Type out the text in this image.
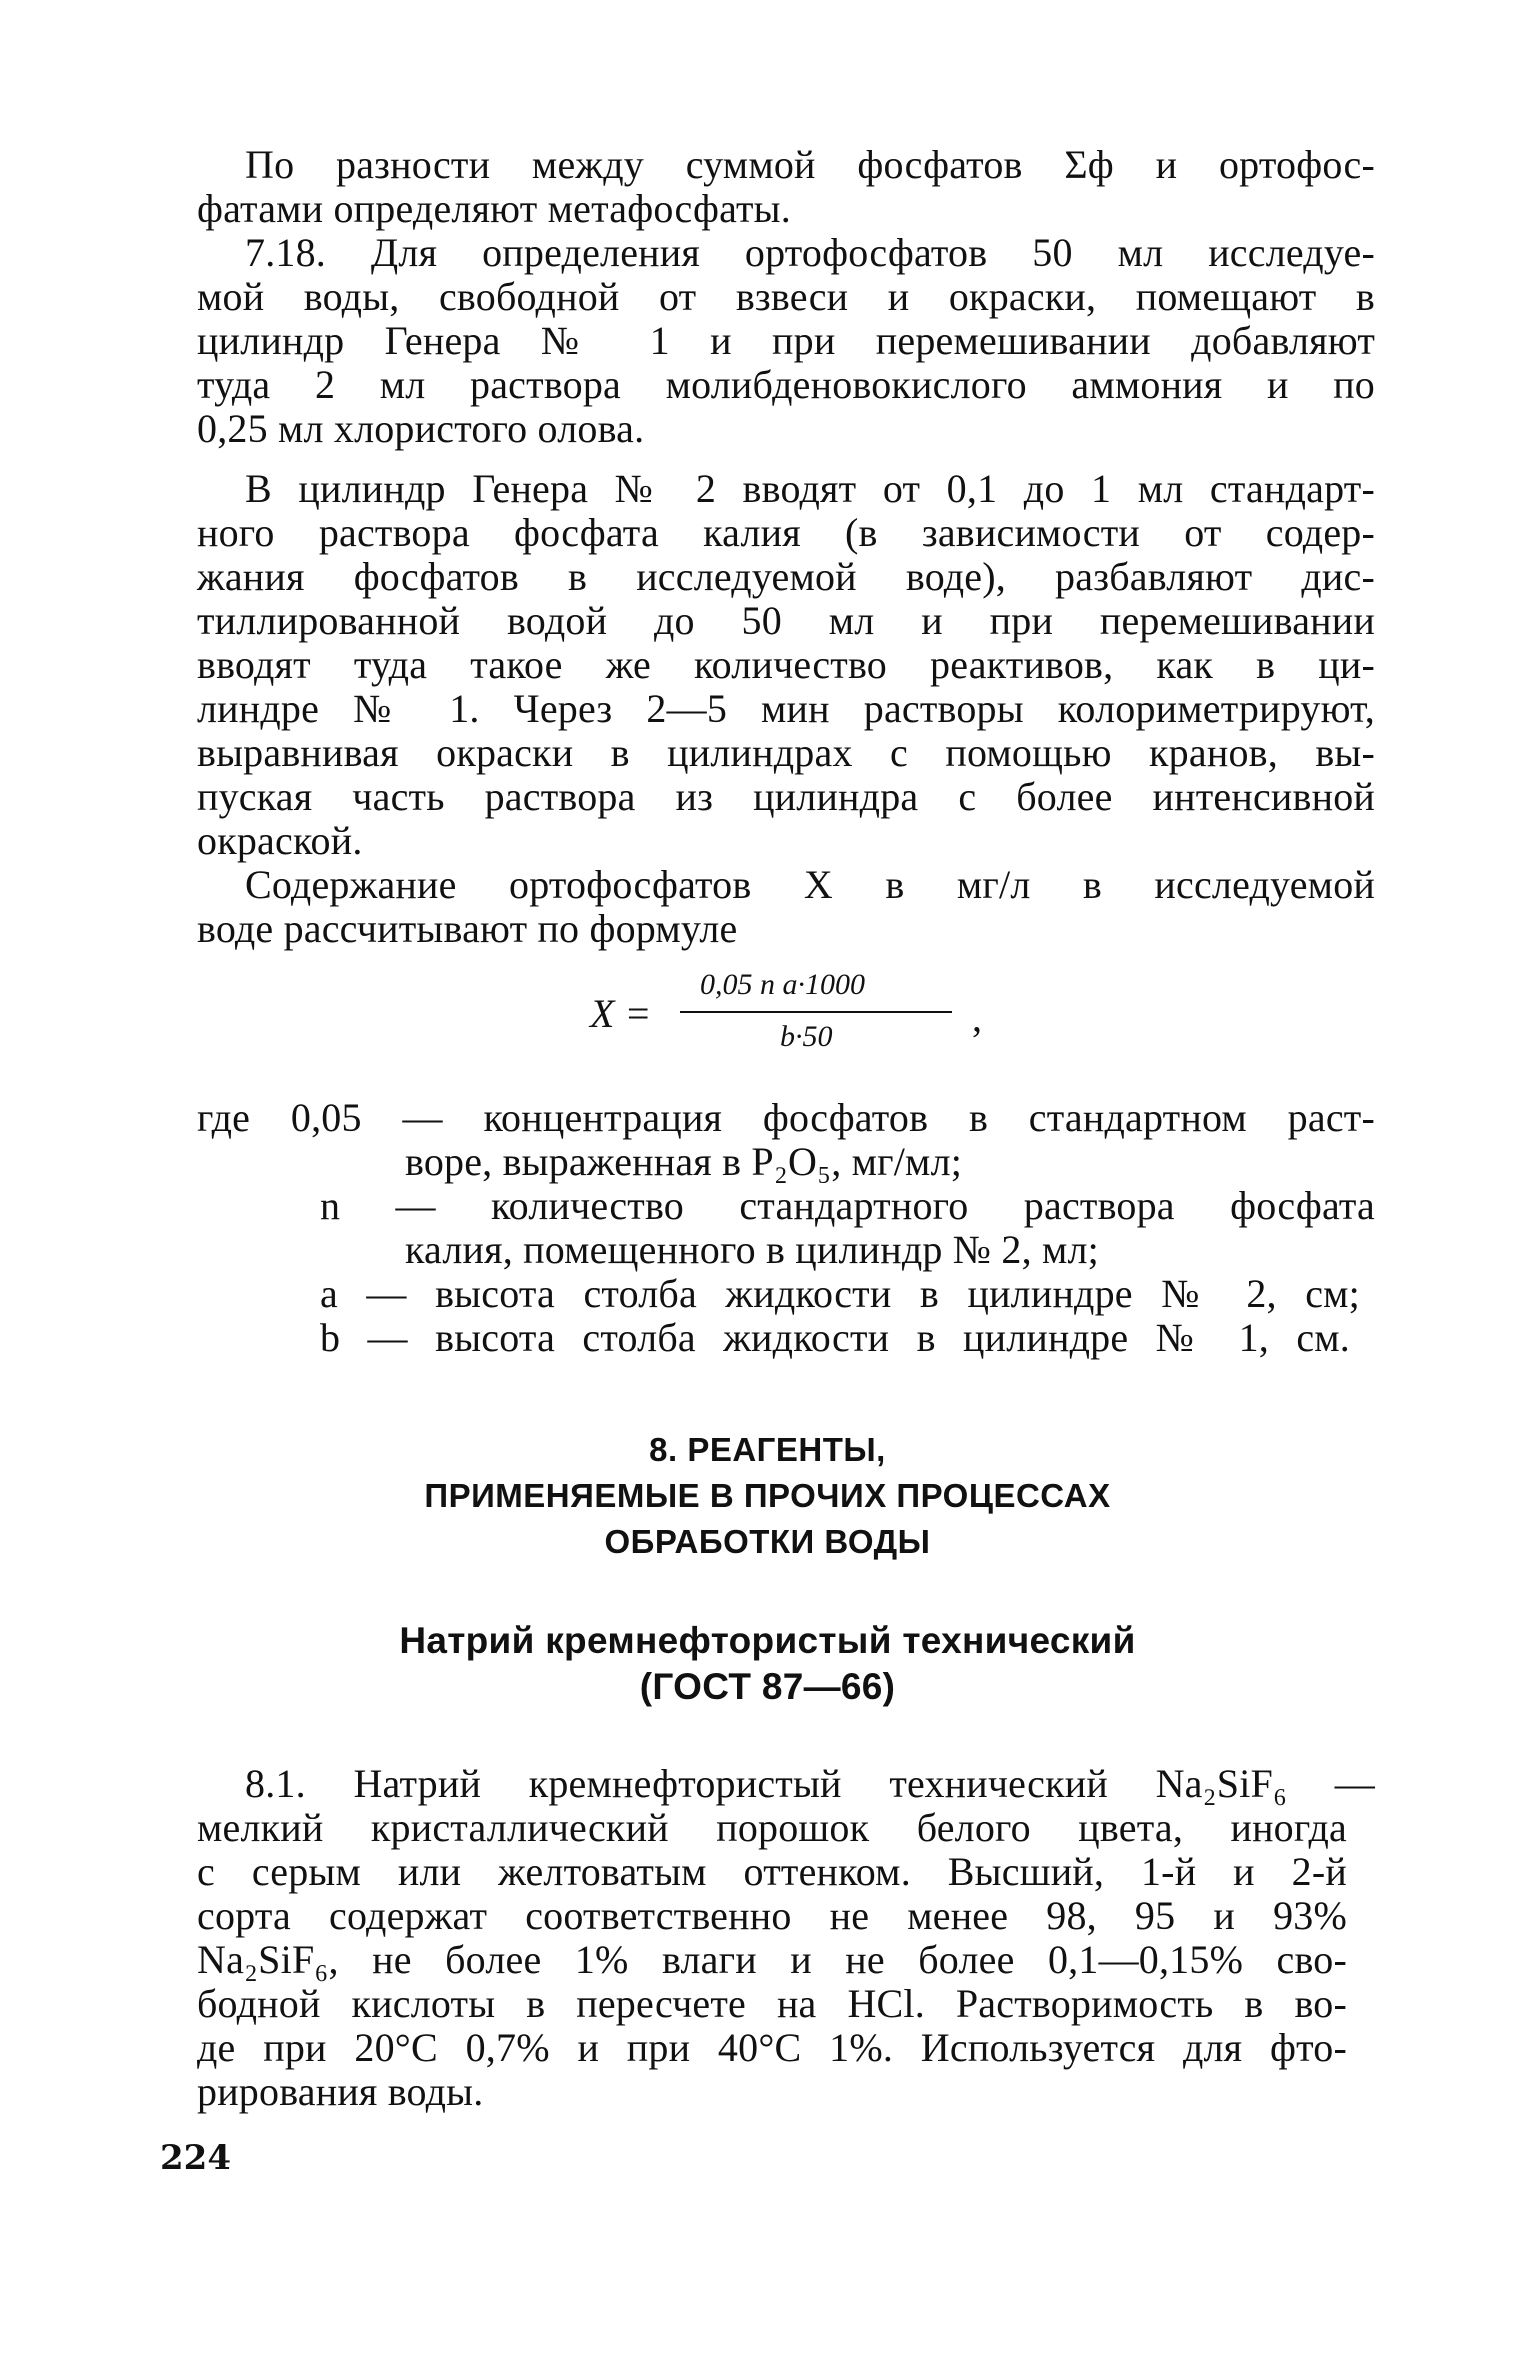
По разности между суммой фосфатов Σф и ортофос-
фатами определяют метафосфаты.
7.18. Для определения ортофосфатов 50 мл исследуе-
мой воды, свободной от взвеси и окраски, помещают в
цилиндр Генера № 1 и при перемешивании добавляют
туда 2 мл раствора молибденовокислого аммония и по
0,25 мл хлористого олова.
В цилиндр Генера № 2 вводят от 0,1 до 1 мл стандарт-
ного раствора фосфата калия (в зависимости от содер-
жания фосфатов в исследуемой воде), разбавляют дис-
тиллированной водой до 50 мл и при перемешивании
вводят туда такое же количество реактивов, как в ци-
линдре № 1. Через 2—5 мин растворы колориметрируют,
выравнивая окраски в цилиндрах с помощью кранов, вы-
пуская часть раствора из цилиндра с более интенсивной
окраской.
Содержание ортофосфатов X в мг/л в исследуемой
воде рассчитывают по формуле
X =
0,05 n a·1000
b·50	,
где 0,05 — концентрация фосфатов в стандартном раст-
воре, выраженная в P₂O₅, мг/мл;
n — количество стандартного раствора фосфата
калия, помещенного в цилиндр № 2, мл;
a — высота столба жидкости в цилиндре № 2, см;
b — высота столба жидкости в цилиндре № 1, см.
8. РЕАГЕНТЫ,
ПРИМЕНЯЕМЫЕ В ПРОЧИХ ПРОЦЕССАХ
ОБРАБОТКИ ВОДЫ
Натрий кремнефтористый технический
(ГОСТ 87—66)
8.1. Натрий кремнефтористый технический Na₂SiF₆ —
мелкий кристаллический порошок белого цвета, иногда
с серым или желтоватым оттенком. Высший, 1-й и 2-й
сорта содержат соответственно не менее 98, 95 и 93%
Na₂SiF₆, не более 1% влаги и не более 0,1—0,15% сво-
бодной кислоты в пересчете на HCl. Растворимость в во-
де при 20°С 0,7% и при 40°С 1%. Используется для фто-
рирования воды.
224
